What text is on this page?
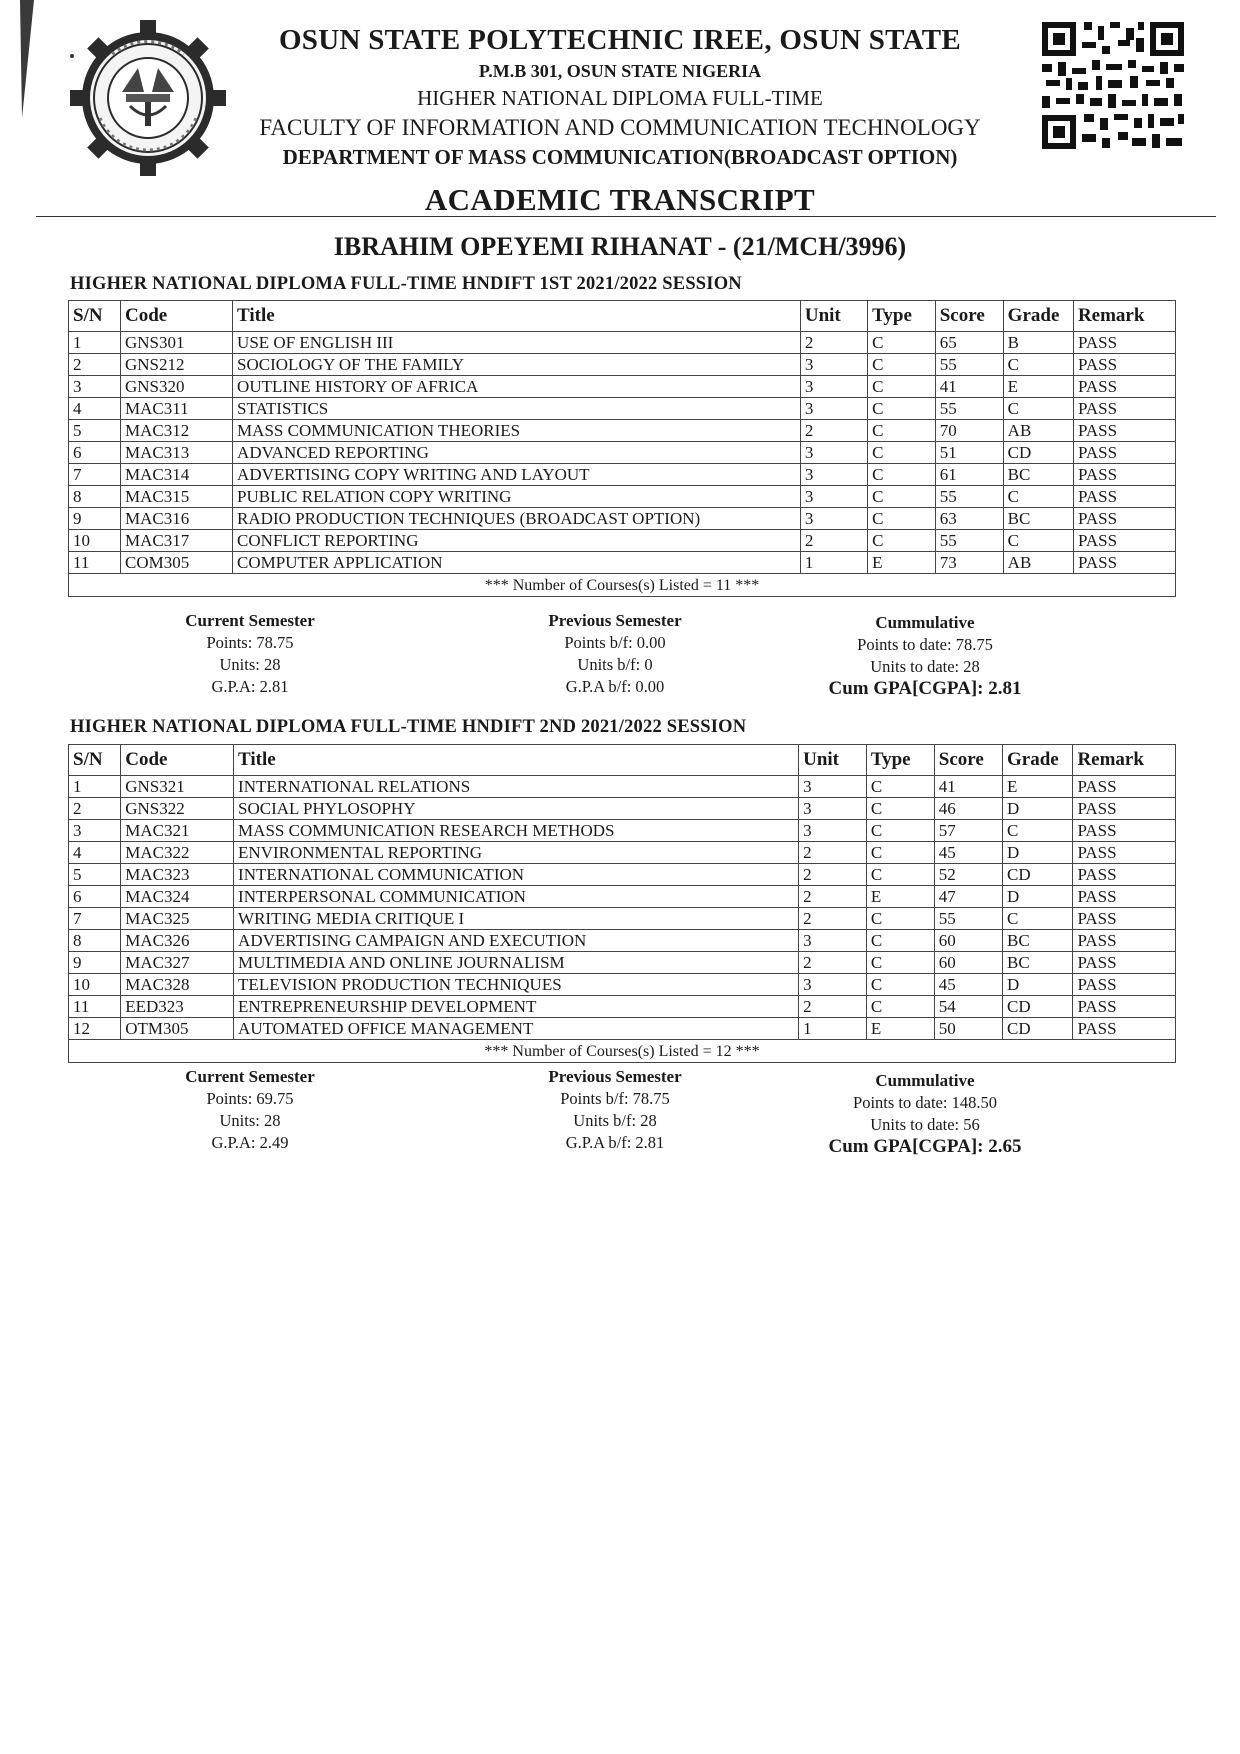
OSUN STATE POLYTECHNIC IREE, OSUN STATE
P.M.B 301, OSUN STATE NIGERIA
HIGHER NATIONAL DIPLOMA FULL-TIME
FACULTY OF INFORMATION AND COMMUNICATION TECHNOLOGY
DEPARTMENT OF MASS COMMUNICATION(BROADCAST OPTION)
ACADEMIC TRANSCRIPT
IBRAHIM OPEYEMI RIHANAT - (21/MCH/3996)
HIGHER NATIONAL DIPLOMA FULL-TIME HNDIFT 1ST 2021/2022 SESSION
S/N	Code	Title	Unit	Type	Score	Grade	Remark
1	GNS301	USE OF ENGLISH III	2	C	65	B	PASS
2	GNS212	SOCIOLOGY OF THE FAMILY	3	C	55	C	PASS
3	GNS320	OUTLINE HISTORY OF AFRICA	3	C	41	E	PASS
4	MAC311	STATISTICS	3	C	55	C	PASS
5	MAC312	MASS COMMUNICATION THEORIES	2	C	70	AB	PASS
6	MAC313	ADVANCED REPORTING	3	C	51	CD	PASS
7	MAC314	ADVERTISING COPY WRITING AND LAYOUT	3	C	61	BC	PASS
8	MAC315	PUBLIC RELATION COPY WRITING	3	C	55	C	PASS
9	MAC316	RADIO PRODUCTION TECHNIQUES (BROADCAST OPTION)	3	C	63	BC	PASS
10	MAC317	CONFLICT REPORTING	2	C	55	C	PASS
11	COM305	COMPUTER APPLICATION	1	E	73	AB	PASS
*** Number of Courses(s) Listed = 11 ***							
Current Semester
Points: 78.75
Units: 28
G.P.A: 2.81
Previous Semester
Points b/f: 0.00
Units b/f: 0
G.P.A b/f: 0.00
Cummulative
Points to date: 78.75
Units to date: 28
Cum GPA[CGPA]: 2.81
HIGHER NATIONAL DIPLOMA FULL-TIME HNDIFT 2ND 2021/2022 SESSION
S/N	Code	Title	Unit	Type	Score	Grade	Remark
1	GNS321	INTERNATIONAL RELATIONS	3	C	41	E	PASS
2	GNS322	SOCIAL PHYLOSOPHY	3	C	46	D	PASS
3	MAC321	MASS COMMUNICATION RESEARCH METHODS	3	C	57	C	PASS
4	MAC322	ENVIRONMENTAL REPORTING	2	C	45	D	PASS
5	MAC323	INTERNATIONAL COMMUNICATION	2	C	52	CD	PASS
6	MAC324	INTERPERSONAL COMMUNICATION	2	E	47	D	PASS
7	MAC325	WRITING MEDIA CRITIQUE I	2	C	55	C	PASS
8	MAC326	ADVERTISING CAMPAIGN AND EXECUTION	3	C	60	BC	PASS
9	MAC327	MULTIMEDIA AND ONLINE JOURNALISM	2	C	60	BC	PASS
10	MAC328	TELEVISION PRODUCTION TECHNIQUES	3	C	45	D	PASS
11	EED323	ENTREPRENEURSHIP DEVELOPMENT	2	C	54	CD	PASS
12	OTM305	AUTOMATED OFFICE MANAGEMENT	1	E	50	CD	PASS
*** Number of Courses(s) Listed = 12 ***							
Current Semester
Points: 69.75
Units: 28
G.P.A: 2.49
Previous Semester
Points b/f: 78.75
Units b/f: 28
G.P.A b/f: 2.81
Cummulative
Points to date: 148.50
Units to date: 56
Cum GPA[CGPA]: 2.65
